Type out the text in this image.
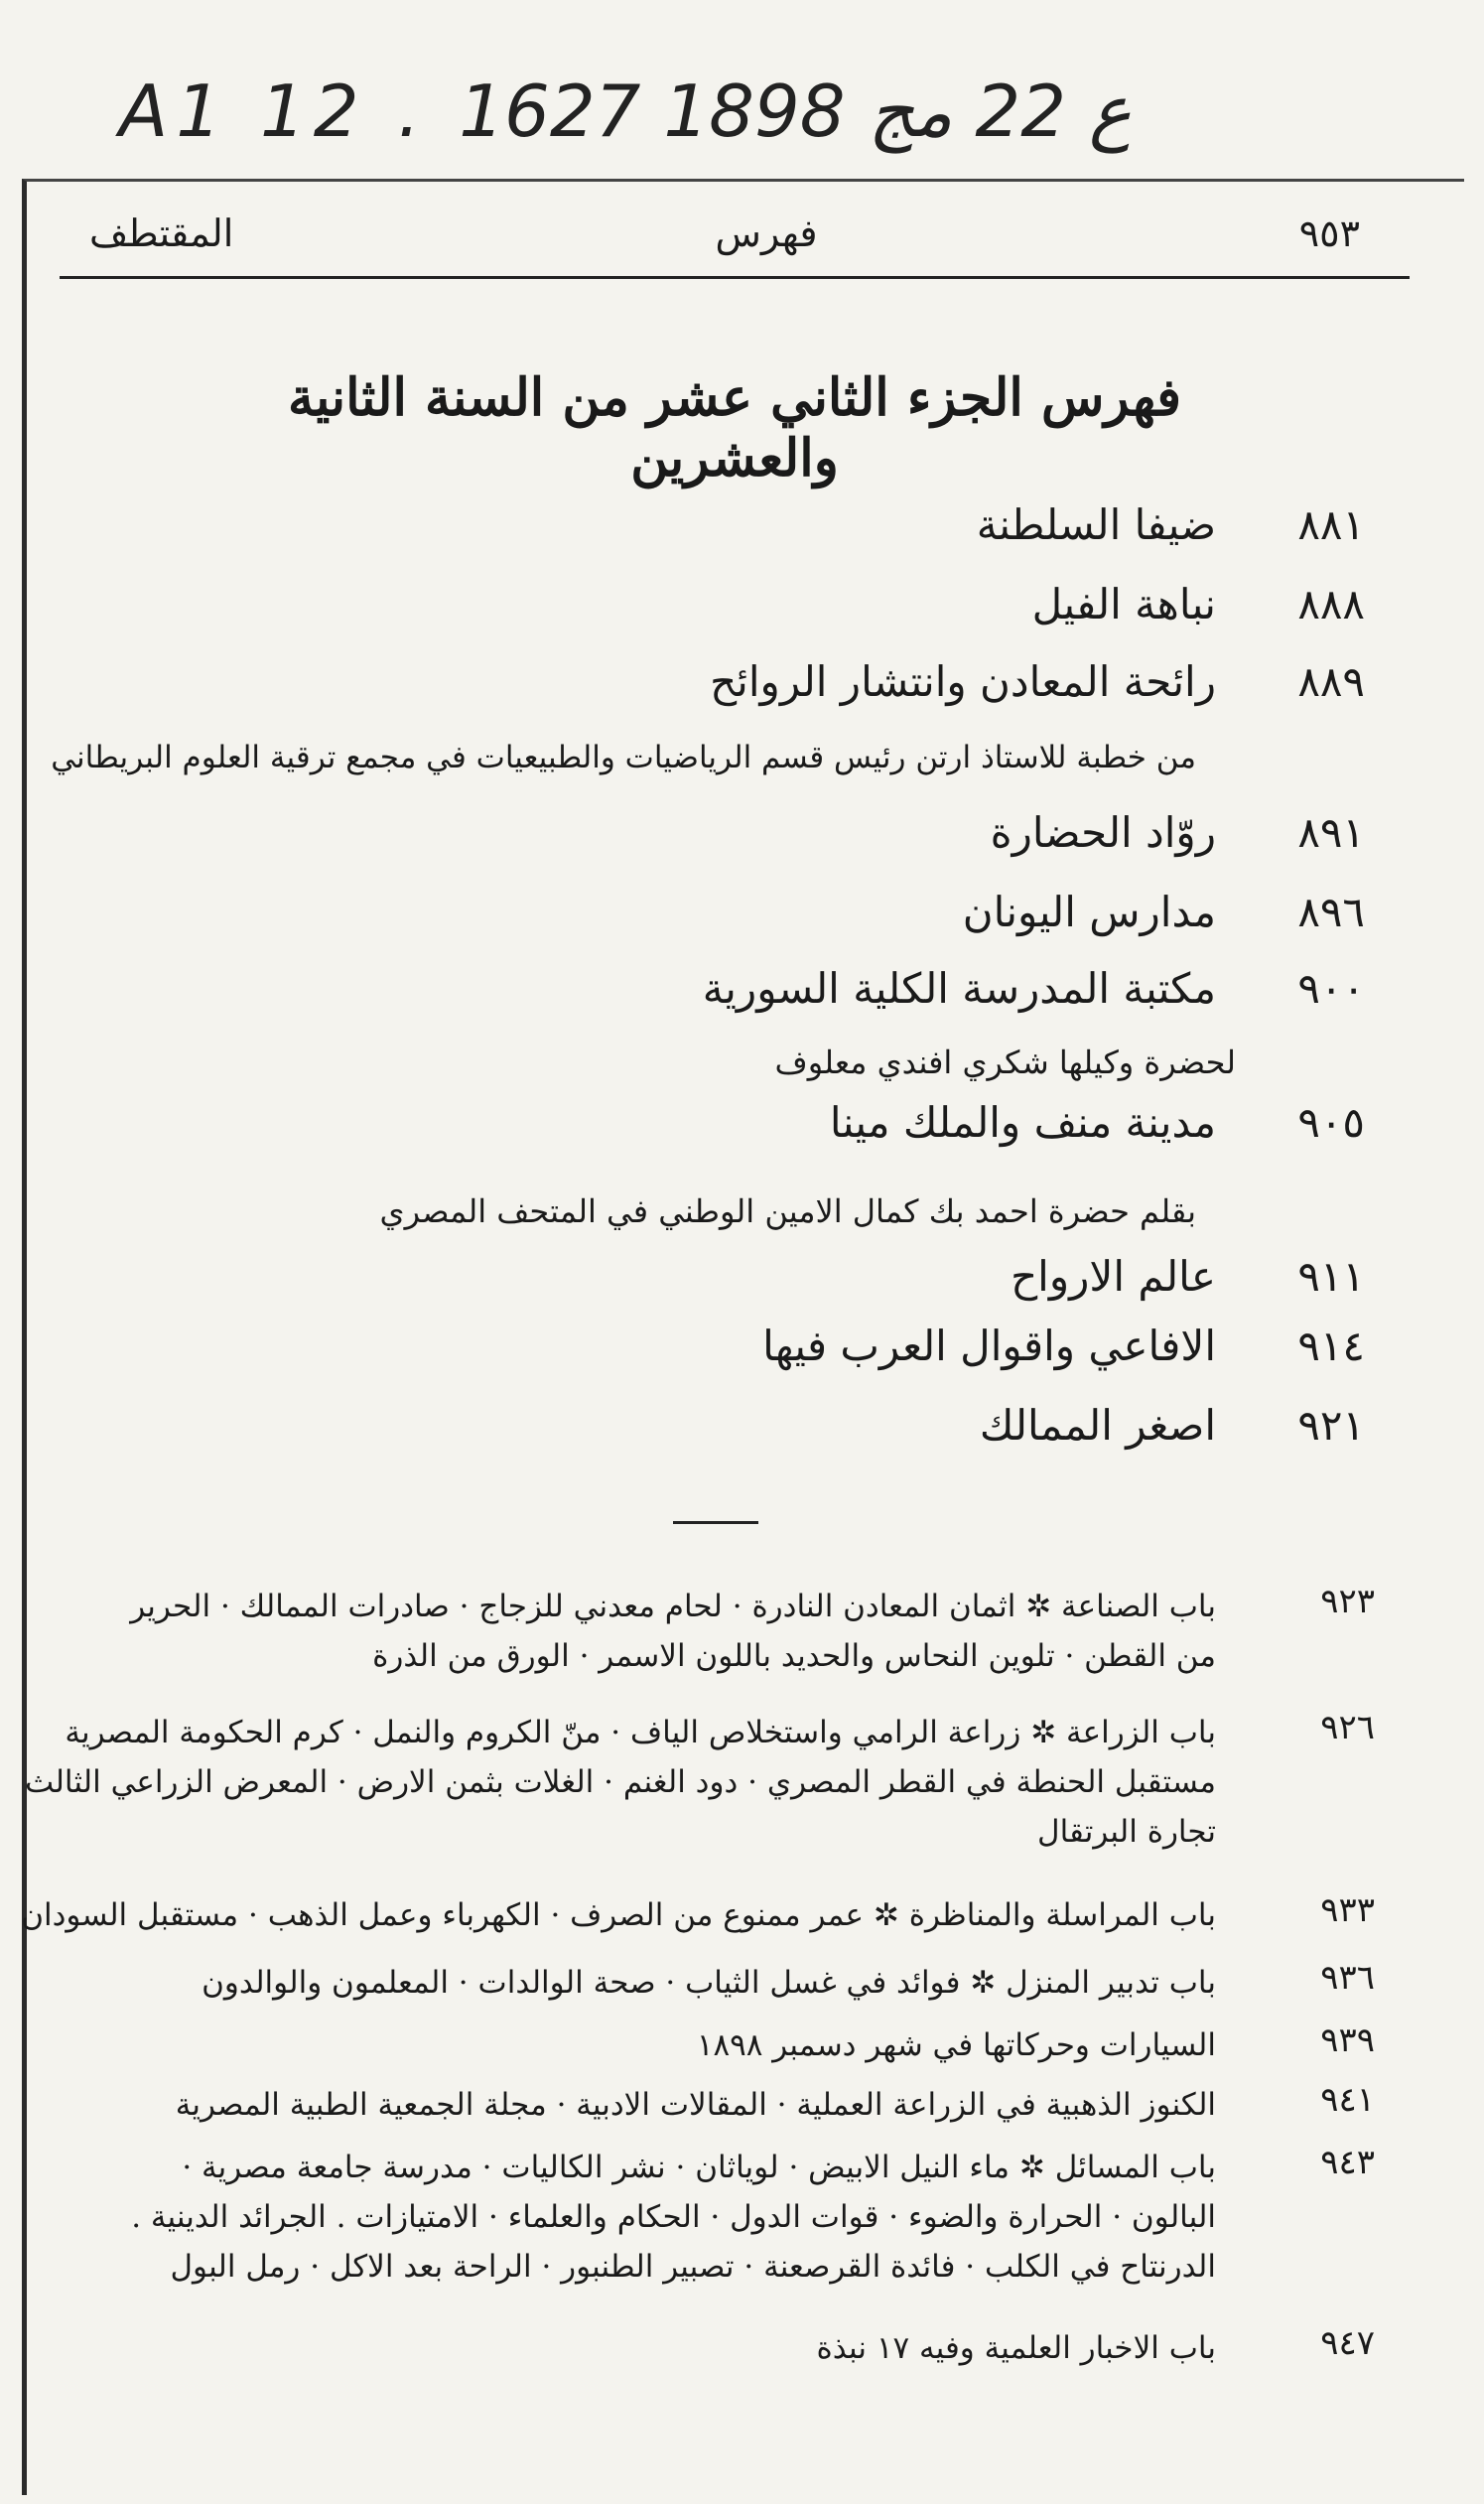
A1 12 . ع 22 مج 1898 1627
٩٥٣
فهرس
المقتطف
فهرس الجزء الثاني عشر من السنة الثانية والعشرين
٨٨١
ضيفا السلطنة
٨٨٨
نباهة الفيل
٨٨٩
رائحة المعادن وانتشار الروائح
من خطبة للاستاذ ارتن رئيس قسم الرياضيات والطبيعيات في مجمع ترقية العلوم البريطاني
٨٩١
روّاد الحضارة
٨٩٦
مدارس اليونان
٩٠٠
مكتبة المدرسة الكلية السورية
لحضرة وكيلها شكري افندي معلوف
٩٠٥
مدينة منف والملك مينا
بقلم حضرة احمد بك كمال الامين الوطني في المتحف المصري
٩١١
عالم الارواح
٩١٤
الافاعي واقوال العرب فيها
٩٢١
اصغر الممالك
٩٢٣
باب الصناعة ✲ اثمان المعادن النادرة · لحام معدني للزجاج · صادرات الممالك · الحرير
من القطن · تلوين النحاس والحديد باللون الاسمر · الورق من الذرة
٩٢٦
باب الزراعة ✲ زراعة الرامي واستخلاص الياف · منّ الكروم والنمل · كرم الحكومة المصرية
مستقبل الحنطة في القطر المصري · دود الغنم · الغلات بثمن الارض · المعرض الزراعي الثالث
تجارة البرتقال
٩٣٣
باب المراسلة والمناظرة ✲ عمر ممنوع من الصرف · الكهرباء وعمل الذهب · مستقبل السودان
٩٣٦
باب تدبير المنزل ✲ فوائد في غسل الثياب · صحة الوالدات · المعلمون والوالدون
٩٣٩
السيارات وحركاتها في شهر دسمبر ١٨٩٨
٩٤١
الكنوز الذهبية في الزراعة العملية · المقالات الادبية · مجلة الجمعية الطبية المصرية
٩٤٣
باب المسائل ✲ ماء النيل الابيض · لوياثان · نشر الكاليات · مدرسة جامعة مصرية ·
البالون · الحرارة والضوء · قوات الدول · الحكام والعلماء · الامتيازات . الجرائد الدينية .
الدرنتاح في الكلب · فائدة القرصعنة · تصبير الطنبور · الراحة بعد الاكل · رمل البول
٩٤٧
باب الاخبار العلمية وفيه ١٧ نبذة
